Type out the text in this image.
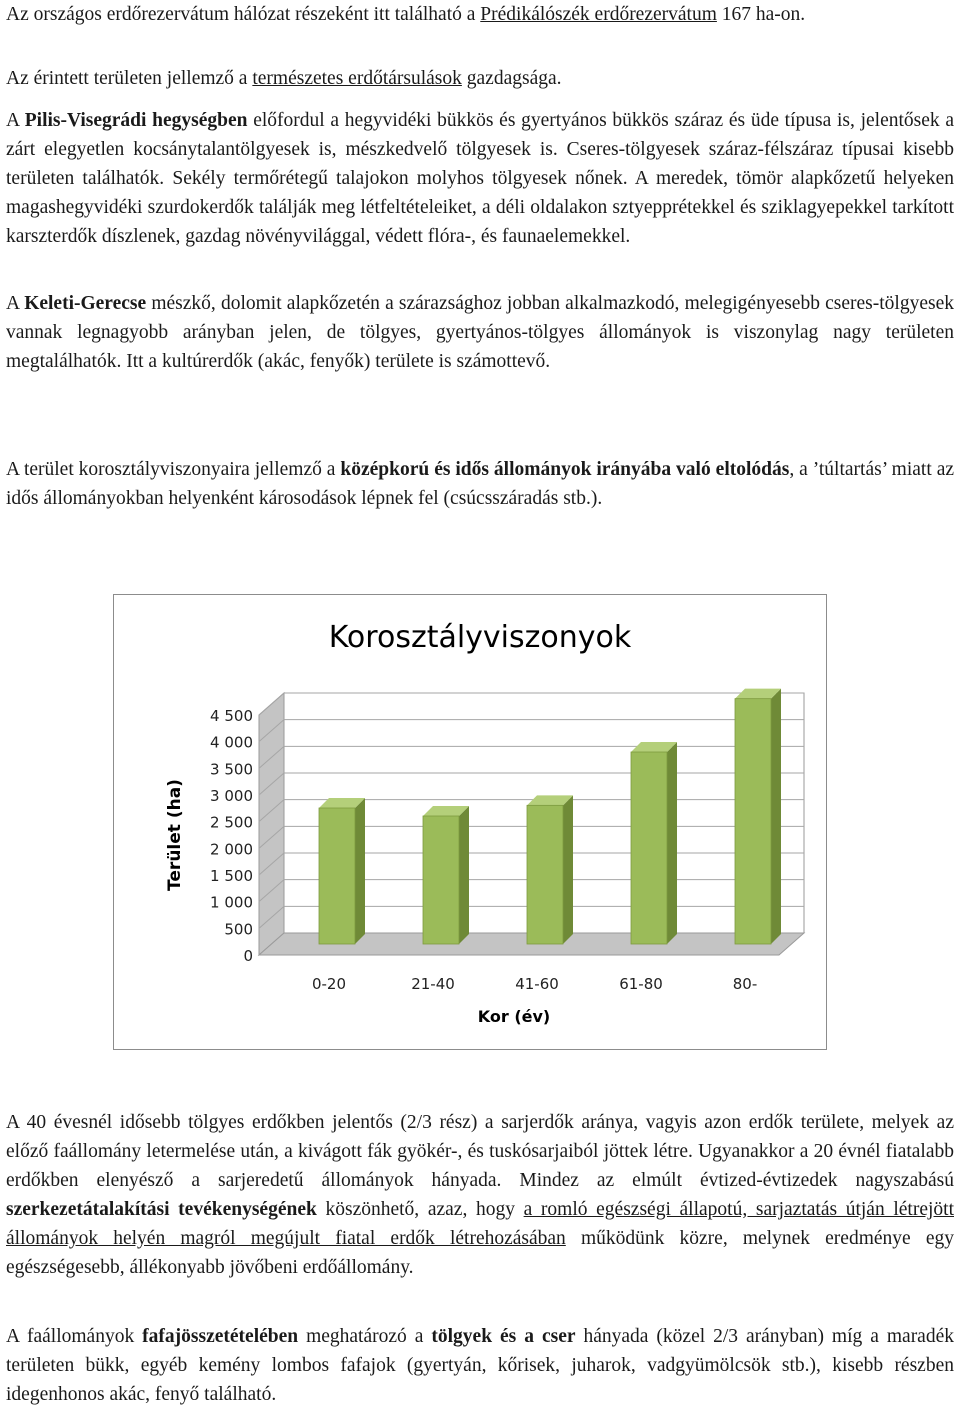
Az országos erdőrezervátum hálózat részeként itt található a Prédikálószék erdőrezervátum 167 ha-on.

Az érintett területen jellemző a természetes erdőtársulások gazdagsága.

A Pilis-Visegrádi hegységben előfordul a hegyvidéki bükkös és gyertyános bükkös száraz és üde típusa is, jelentősek a zárt elegyetlen kocsánytalantölgyesek is, mészkedvelő tölgyesek is. Cseres-tölgyesek száraz-félszáraz típusai kisebb területen találhatók. Sekély termőrétegű talajokon molyhos tölgyesek nőnek. A meredek, tömör alapkőzetű helyeken magashegyvidéki szurdokerdők találják meg létfeltételeiket, a déli oldalakon sztyepprétekkel és sziklagyepekkel tarkított karszterdők díszlenek, gazdag növényvilággal, védett flóra-, és faunaelemekkel.

A Keleti-Gerecse mészkő, dolomit alapkőzetén a szárazsághoz jobban alkalmazkodó, melegigényesebb cseres-tölgyesek vannak legnagyobb arányban jelen, de tölgyes, gyertyános-tölgyes állományok is viszonylag nagy területen megtalálhatók. Itt a kultúrerdők (akác, fenyők) területe is számottevő.

A terület korosztályviszonyaira jellemző a középkorú és idős állományok irányába való eltolódás, a ’túltartás’ miatt az idős állományokban helyenként károsodások lépnek fel (csúcsszáradás stb.).

4 500
4 000
3 500
3 000
2 500
2 000
1 500
1 000
500
0
0-20	21-40	41-60	61-80	80-
Korosztályviszonyok
Kor (év)
Terület (ha)

A 40 évesnél idősebb tölgyes erdőkben jelentős (2/3 rész) a sarjerdők aránya, vagyis azon erdők területe, melyek az előző faállomány letermelése után, a kivágott fák gyökér-, és tuskósarjaiból jöttek létre. Ugyanakkor a 20 évnél fiatalabb erdőkben elenyésző a sarjeredetű állományok hányada. Mindez az elmúlt évtized-évtizedek nagyszabású szerkezetátalakítási tevékenységének köszönhető, azaz, hogy a romló egészségi állapotú, sarjaztatás útján létrejött állományok helyén magról megújult fiatal erdők létrehozásában működünk közre, melynek eredménye egy egészségesebb, állékonyabb jövőbeni erdőállomány.

A faállományok fafajösszetételében meghatározó a tölgyek és a cser hányada (közel 2/3 arányban) míg a maradék területen bükk, egyéb kemény lombos fafajok (gyertyán, kőrisek, juharok, vadgyümölcsök stb.), kisebb részben idegenhonos akác, fenyő található.
